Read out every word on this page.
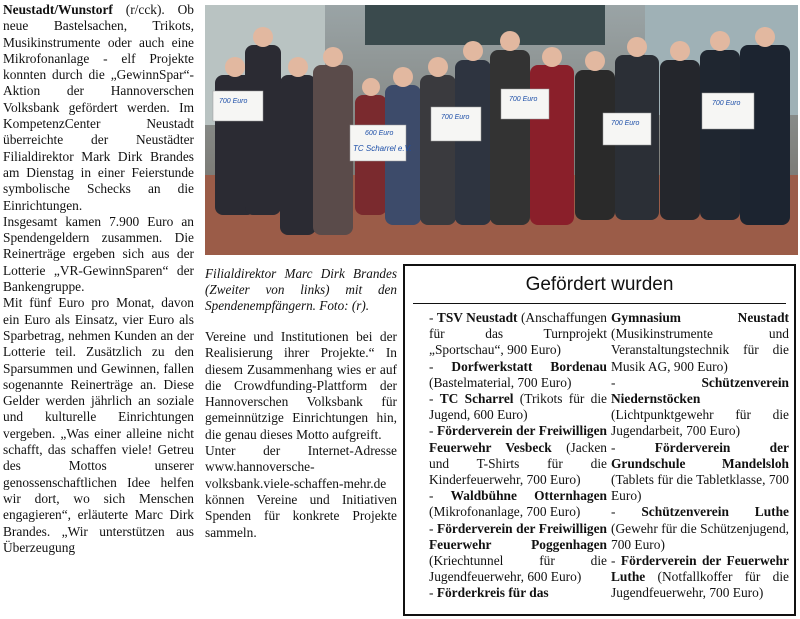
Neustadt/Wunstorf (r/cck). Ob neue Bastelsachen, Trikots, Musikinstrumente oder auch eine Mikrofonanlage - elf Projekte konnten durch die „GewinnSpar“-Aktion der Hannoverschen Volksbank gefördert werden. Im KompetenzCenter Neustadt überreichte der Neustädter Filialdirektor Mark Dirk Brandes am Dienstag in einer Feierstunde symbolische Schecks an die Einrichtungen.

Insgesamt kamen 7.900 Euro an Spendengeldern zusammen. Die Reinerträge ergeben sich aus der Lotterie „VR-GewinnSparen“ der Bankengruppe.

Mit fünf Euro pro Monat, davon ein Euro als Einsatz, vier Euro als Sparbetrag, nehmen Kunden an der Lotterie teil. Zusätzlich zu den Sparsummen und Gewinnen, fallen sogenannte Reinerträge an. Diese Gelder werden jährlich an soziale und kulturelle Einrichtungen vergeben. „Was einer alleine nicht schafft, das schaffen viele! Getreu des Mottos unserer genossenschaftlichen Idee helfen wir dort, wo sich Menschen engagieren“, erläuterte Marc Dirk Brandes. „Wir unterstützen aus Überzeugung

700 Euro
600 Euro
TC Scharrel e.V.
700 Euro
700 Euro
700 Euro
700 Euro
Filialdirektor Marc Dirk Brandes (Zweiter von links) mit den Spendenempfängern. Foto: (r).

Vereine und Institutionen bei der Realisierung ihrer Projekte.“ In diesem Zusammenhang wies er auf die Crowdfunding-Plattform der Hannoverschen Volksbank für gemeinnützige Einrichtungen hin, die genau dieses Motto aufgreift.

Unter der Internet-Adresse www.hannoversche-volksbank.viele-schaffen-mehr.de können Vereine und Initiativen Spenden für konkrete Projekte sammeln.

Gefördert wurden

- TSV Neustadt (Anschaffungen für das Turnprojekt „Sportschau“, 900 Euro)

- Dorfwerkstatt Bordenau (Bastelmaterial, 700 Euro)

- TC Scharrel (Trikots für die Jugend, 600 Euro)

- Förderverein der Freiwilligen Feuerwehr Vesbeck (Jacken und T-Shirts für die Kinderfeuerwehr, 700 Euro)

- Waldbühne Otternhagen (Mikrofonanlage, 700 Euro)

- Förderverein der Freiwilligen Feuerwehr Poggenhagen (Kriechtunnel für die Jugendfeuerwehr, 600 Euro)

- Förderkreis für das

Gymnasium Neustadt (Musikinstrumente und Veranstaltungstechnik für die Musik AG, 900 Euro)

- Schützenverein Niedernstöcken (Lichtpunktgewehr für die Jugendarbeit, 700 Euro)

- Förderverein der Grundschule Mandelsloh (Tablets für die Tabletklasse, 700 Euro)

- Schützenverein Luthe (Gewehr für die Schützenjugend, 700 Euro)

- Förderverein der Feuerwehr Luthe (Notfallkoffer für die Jugendfeuerwehr, 700 Euro)
